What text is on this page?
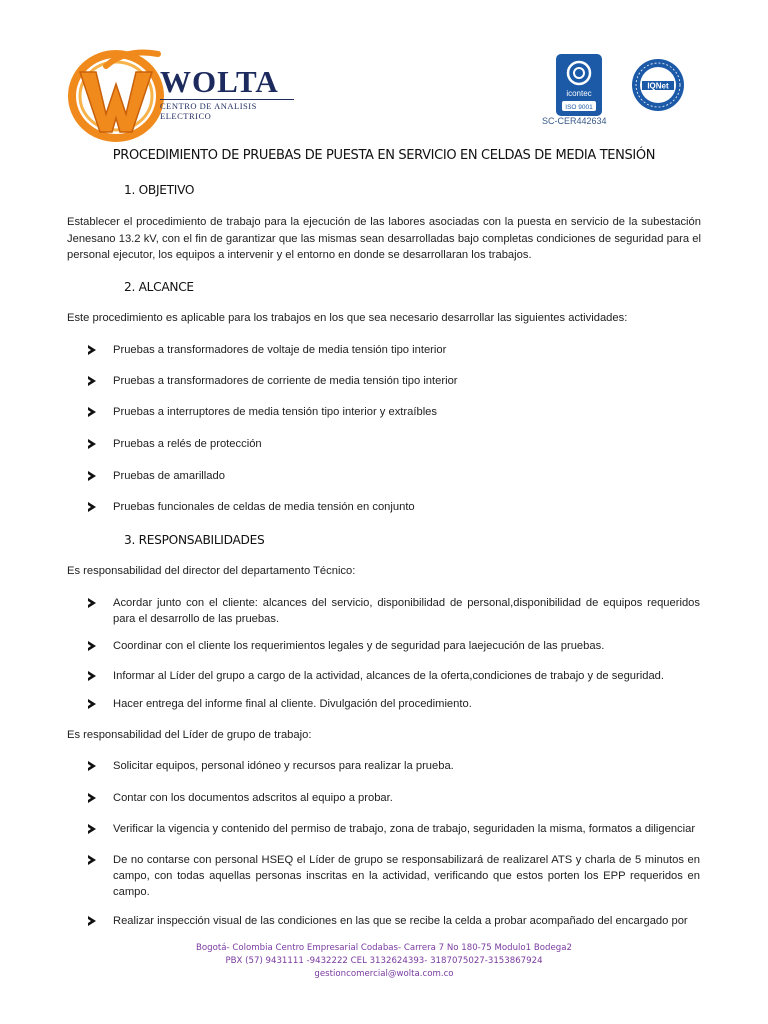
WOLTA
CENTRO DE ANALISIS ELECTRICO
icontec
ISO 9001
IQNet
SC-CER442634
PROCEDIMIENTO DE PRUEBAS DE PUESTA EN SERVICIO EN CELDAS DE MEDIA TENSIÓN
1. OBJETIVO
Establecer el procedimiento de trabajo para la ejecución de las labores asociadas con la puesta en servicio de la subestación Jenesano 13.2 kV, con el fin de garantizar que las mismas sean desarrolladas bajo completas condiciones de seguridad para el personal ejecutor, los equipos a intervenir y el entorno en donde se desarrollaran los trabajos.
2. ALCANCE
Este procedimiento es aplicable para los trabajos en los que sea necesario desarrollar las siguientes actividades:
Pruebas a transformadores de voltaje de media tensión tipo interior
Pruebas a transformadores de corriente de media tensión tipo interior
Pruebas a interruptores de media tensión tipo interior y extraíbles
Pruebas a relés de protección
Pruebas de amarillado
Pruebas funcionales de celdas de media tensión en conjunto
3. RESPONSABILIDADES
Es responsabilidad del director del departamento Técnico:
Acordar junto con el cliente: alcances del servicio, disponibilidad de personal,disponibilidad de equipos requeridos para el desarrollo de las pruebas.
Coordinar con el cliente los requerimientos legales y de seguridad para laejecución de las pruebas.
Informar al Líder del grupo a cargo de la actividad, alcances de la oferta,condiciones de trabajo y de seguridad.
Hacer entrega del informe final al cliente. Divulgación del procedimiento.
Es responsabilidad del Líder de grupo de trabajo:
Solicitar equipos, personal idóneo y recursos para realizar la prueba.
Contar con los documentos adscritos al equipo a probar.
Verificar la vigencia y contenido del permiso de trabajo, zona de trabajo, seguridaden la misma, formatos a diligenciar
De no contarse con personal HSEQ el Líder de grupo se responsabilizará de realizarel ATS y charla de 5 minutos en campo, con todas aquellas personas inscritas en la actividad, verificando que estos porten los EPP requeridos en campo.
Realizar inspección visual de las condiciones en las que se recibe la celda a probar acompañado del encargado por
Bogotá- Colombia Centro Empresarial Codabas- Carrera 7 No 180-75 Modulo1 Bodega2
PBX (57) 9431111 -9432222 CEL 3132624393- 3187075027-3153867924
gestioncomercial@wolta.com.co
